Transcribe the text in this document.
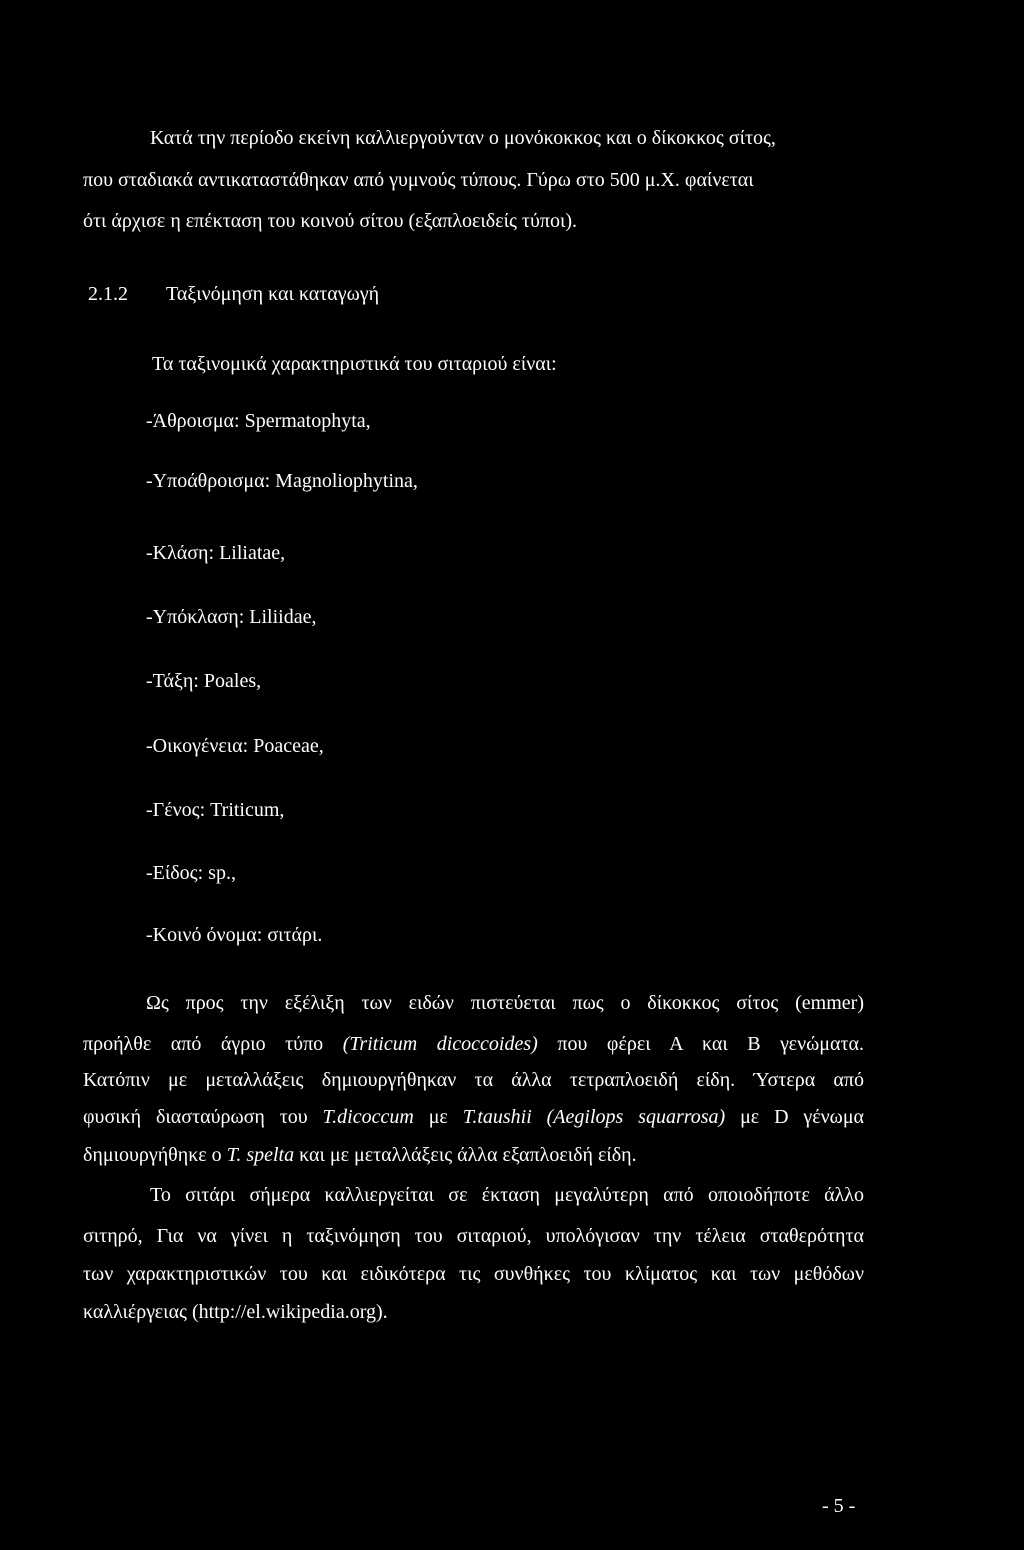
Κατά την περίοδο εκείνη καλλιεργούνταν ο μονόκοκκος και ο δίκοκκος σίτος,
που σταδιακά αντικαταστάθηκαν από γυμνούς τύπους. Γύρω στο 500 μ.Χ. φαίνεται
ότι άρχισε η επέκταση του κοινού σίτου (εξαπλοειδείς τύποι).
2.1.2 Ταξινόμηση και καταγωγή
Τα ταξινομικά χαρακτηριστικά του σιταριού είναι:
-Άθροισμα: Spermatophyta,
-Υποάθροισμα: Magnoliophytina,
-Κλάση: Liliatae,
-Υπόκλαση: Liliidae,
-Τάξη: Poales,
-Οικογένεια: Poaceae,
-Γένος: Triticum,
-Είδος: sp.,
-Κοινό όνομα: σιτάρι.
Ως προς την εξέλιξη των ειδών πιστεύεται πως ο δίκοκκος σίτος (emmer)
προήλθε από άγριο τύπο (Triticum dicoccoides) που φέρει Α και Β γενώματα.
Κατόπιν με μεταλλάξεις δημιουργήθηκαν τα άλλα τετραπλοειδή είδη. Ύστερα από
φυσική διασταύρωση του T.dicoccum με T.taushii (Aegilops squarrosa) με D γένωμα
δημιουργήθηκε ο T. spelta και με μεταλλάξεις άλλα εξαπλοειδή είδη.
Το σιτάρι σήμερα καλλιεργείται σε έκταση μεγαλύτερη από οποιοδήποτε άλλο
σιτηρό, Για να γίνει η ταξινόμηση του σιταριού, υπολόγισαν την τέλεια σταθερότητα
των χαρακτηριστικών του και ειδικότερα τις συνθήκες του κλίματος και των μεθόδων
καλλιέργειας (http://el.wikipedia.org).
- 5 -
